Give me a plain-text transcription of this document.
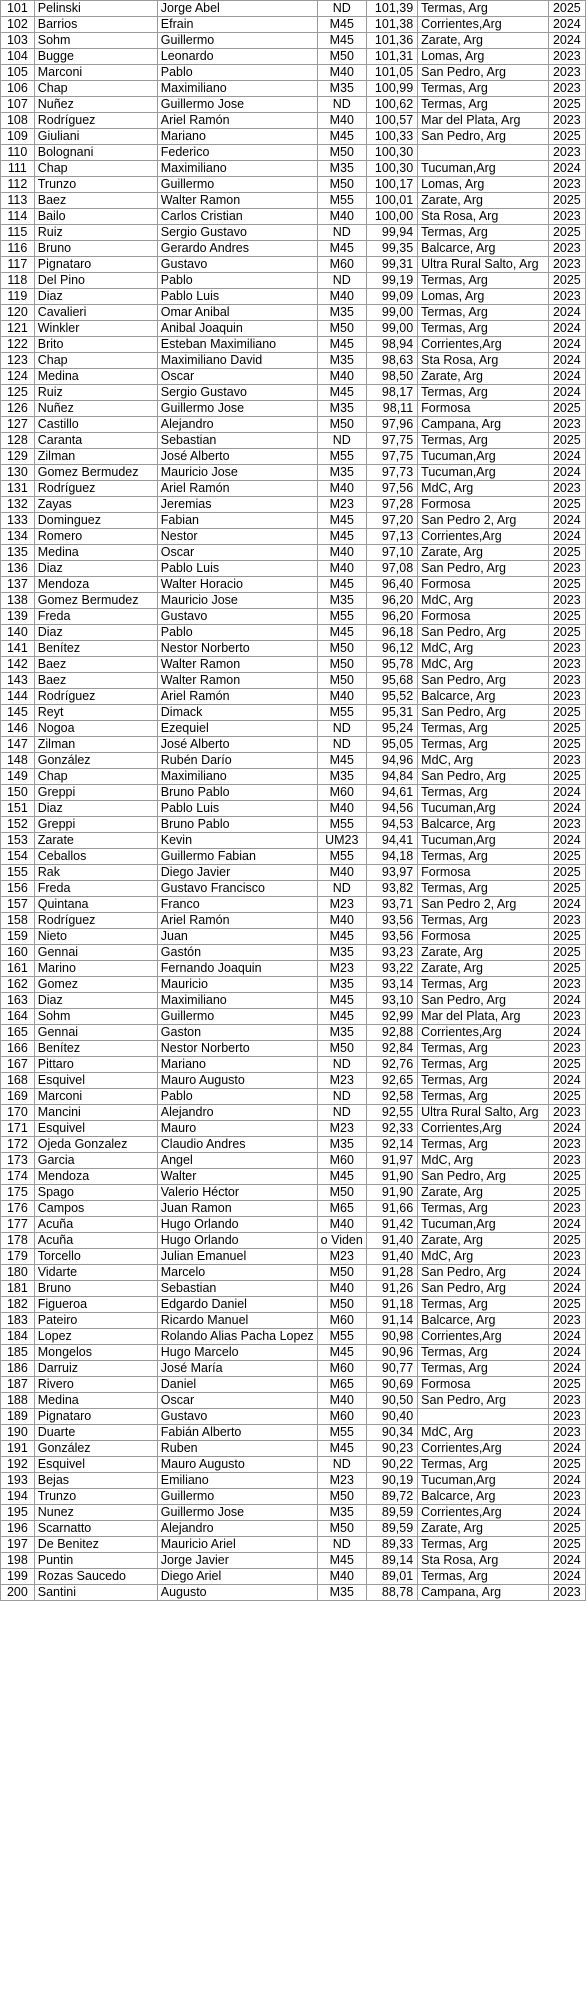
101	Pelinski	Jorge Abel	ND	101,39	Termas, Arg	2025
102	Barrios	Efrain	M45	101,38	Corrientes,Arg	2024
103	Sohm	Guillermo	M45	101,36	Zarate, Arg	2024
104	Bugge	Leonardo	M50	101,31	Lomas, Arg	2023
105	Marconi	Pablo	M40	101,05	San Pedro, Arg	2023
106	Chap	Maximiliano	M35	100,99	Termas, Arg	2023
107	Nuñez	Guillermo Jose	ND	100,62	Termas, Arg	2025
108	Rodríguez	Ariel Ramón	M40	100,57	Mar del Plata, Arg	2023
109	Giuliani	Mariano	M45	100,33	San Pedro, Arg	2025
110	Bolognani	Federico	M50	100,30		2023
111	Chap	Maximiliano	M35	100,30	Tucuman,Arg	2024
112	Trunzo	Guillermo	M50	100,17	Lomas, Arg	2023
113	Baez	Walter Ramon	M55	100,01	Zarate, Arg	2025
114	Bailo	Carlos Cristian	M40	100,00	Sta Rosa, Arg	2023
115	Ruiz	Sergio Gustavo	ND	99,94	Termas, Arg	2025
116	Bruno	Gerardo Andres	M45	99,35	Balcarce, Arg	2023
117	Pignataro	Gustavo	M60	99,31	Ultra Rural Salto, Arg	2023
118	Del Pino	Pablo	ND	99,19	Termas, Arg	2025
119	Diaz	Pablo Luis	M40	99,09	Lomas, Arg	2023
120	Cavalieri	Omar Anibal	M35	99,00	Termas, Arg	2024
121	Winkler	Anibal Joaquin	M50	99,00	Termas, Arg	2024
122	Brito	Esteban Maximiliano	M45	98,94	Corrientes,Arg	2024
123	Chap	Maximiliano David	M35	98,63	Sta Rosa, Arg	2024
124	Medina	Oscar	M40	98,50	Zarate, Arg	2024
125	Ruiz	Sergio Gustavo	M45	98,17	Termas, Arg	2024
126	Nuñez	Guillermo Jose	M35	98,11	Formosa	2025
127	Castillo	Alejandro	M50	97,96	Campana, Arg	2023
128	Caranta	Sebastian	ND	97,75	Termas, Arg	2025
129	Zilman	José Alberto	M55	97,75	Tucuman,Arg	2024
130	Gomez Bermudez	Mauricio Jose	M35	97,73	Tucuman,Arg	2024
131	Rodríguez	Ariel Ramón	M40	97,56	MdC, Arg	2023
132	Zayas	Jeremias	M23	97,28	Formosa	2025
133	Dominguez	Fabian	M45	97,20	San Pedro 2, Arg	2024
134	Romero	Nestor	M45	97,13	Corrientes,Arg	2024
135	Medina	Oscar	M40	97,10	Zarate, Arg	2025
136	Diaz	Pablo Luis	M40	97,08	San Pedro, Arg	2023
137	Mendoza	Walter Horacio	M45	96,40	Formosa	2025
138	Gomez Bermudez	Mauricio Jose	M35	96,20	MdC, Arg	2023
139	Freda	Gustavo	M55	96,20	Formosa	2025
140	Diaz	Pablo	M45	96,18	San Pedro, Arg	2025
141	Benítez	Nestor Norberto	M50	96,12	MdC, Arg	2023
142	Baez	Walter Ramon	M50	95,78	MdC, Arg	2023
143	Baez	Walter Ramon	M50	95,68	San Pedro, Arg	2023
144	Rodríguez	Ariel Ramón	M40	95,52	Balcarce, Arg	2023
145	Reyt	Dimack	M55	95,31	San Pedro, Arg	2025
146	Nogoa	Ezequiel	ND	95,24	Termas, Arg	2025
147	Zilman	José Alberto	ND	95,05	Termas, Arg	2025
148	González	Rubén Darío	M45	94,96	MdC, Arg	2023
149	Chap	Maximiliano	M35	94,84	San Pedro, Arg	2025
150	Greppi	Bruno Pablo	M60	94,61	Termas, Arg	2024
151	Diaz	Pablo Luis	M40	94,56	Tucuman,Arg	2024
152	Greppi	Bruno Pablo	M55	94,53	Balcarce, Arg	2023
153	Zarate	Kevin	UM23	94,41	Tucuman,Arg	2024
154	Ceballos	Guillermo Fabian	M55	94,18	Termas, Arg	2025
155	Rak	Diego Javier	M40	93,97	Formosa	2025
156	Freda	Gustavo Francisco	ND	93,82	Termas, Arg	2025
157	Quintana	Franco	M23	93,71	San Pedro 2, Arg	2024
158	Rodríguez	Ariel Ramón	M40	93,56	Termas, Arg	2023
159	Nieto	Juan	M45	93,56	Formosa	2025
160	Gennai	Gastón	M35	93,23	Zarate, Arg	2025
161	Marino	Fernando Joaquin	M23	93,22	Zarate, Arg	2025
162	Gomez	Mauricio	M35	93,14	Termas, Arg	2023
163	Diaz	Maximiliano	M45	93,10	San Pedro, Arg	2024
164	Sohm	Guillermo	M45	92,99	Mar del Plata, Arg	2023
165	Gennai	Gaston	M35	92,88	Corrientes,Arg	2024
166	Benítez	Nestor Norberto	M50	92,84	Termas, Arg	2023
167	Pittaro	Mariano	ND	92,76	Termas, Arg	2025
168	Esquivel	Mauro Augusto	M23	92,65	Termas, Arg	2024
169	Marconi	Pablo	ND	92,58	Termas, Arg	2025
170	Mancini	Alejandro	ND	92,55	Ultra Rural Salto, Arg	2023
171	Esquivel	Mauro	M23	92,33	Corrientes,Arg	2024
172	Ojeda Gonzalez	Claudio Andres	M35	92,14	Termas, Arg	2023
173	Garcia	Angel	M60	91,97	MdC, Arg	2023
174	Mendoza	Walter	M45	91,90	San Pedro, Arg	2025
175	Spago	Valerio Héctor	M50	91,90	Zarate, Arg	2025
176	Campos	Juan Ramon	M65	91,66	Termas, Arg	2023
177	Acuña	Hugo Orlando	M40	91,42	Tucuman,Arg	2024
178	Acuña	Hugo Orlando	o Viden	91,40	Zarate, Arg	2025
179	Torcello	Julian Emanuel	M23	91,40	MdC, Arg	2023
180	Vidarte	Marcelo	M50	91,28	San Pedro, Arg	2024
181	Bruno	Sebastian	M40	91,26	San Pedro, Arg	2024
182	Figueroa	Edgardo Daniel	M50	91,18	Termas, Arg	2025
183	Pateiro	Ricardo Manuel	M60	91,14	Balcarce, Arg	2023
184	Lopez	Rolando Alias Pacha Lopez	M55	90,98	Corrientes,Arg	2024
185	Mongelos	Hugo Marcelo	M45	90,96	Termas, Arg	2024
186	Darruiz	José María	M60	90,77	Termas, Arg	2024
187	Rivero	Daniel	M65	90,69	Formosa	2025
188	Medina	Oscar	M40	90,50	San Pedro, Arg	2023
189	Pignataro	Gustavo	M60	90,40		2023
190	Duarte	Fabián Alberto	M55	90,34	MdC, Arg	2023
191	González	Ruben	M45	90,23	Corrientes,Arg	2024
192	Esquivel	Mauro Augusto	ND	90,22	Termas, Arg	2025
193	Bejas	Emiliano	M23	90,19	Tucuman,Arg	2024
194	Trunzo	Guillermo	M50	89,72	Balcarce, Arg	2023
195	Nunez	Guillermo Jose	M35	89,59	Corrientes,Arg	2024
196	Scarnatto	Alejandro	M50	89,59	Zarate, Arg	2025
197	De Benitez	Mauricio Ariel	ND	89,33	Termas, Arg	2025
198	Puntin	Jorge Javier	M45	89,14	Sta Rosa, Arg	2024
199	Rozas Saucedo	Diego Ariel	M40	89,01	Termas, Arg	2024
200	Santini	Augusto	M35	88,78	Campana, Arg	2023
